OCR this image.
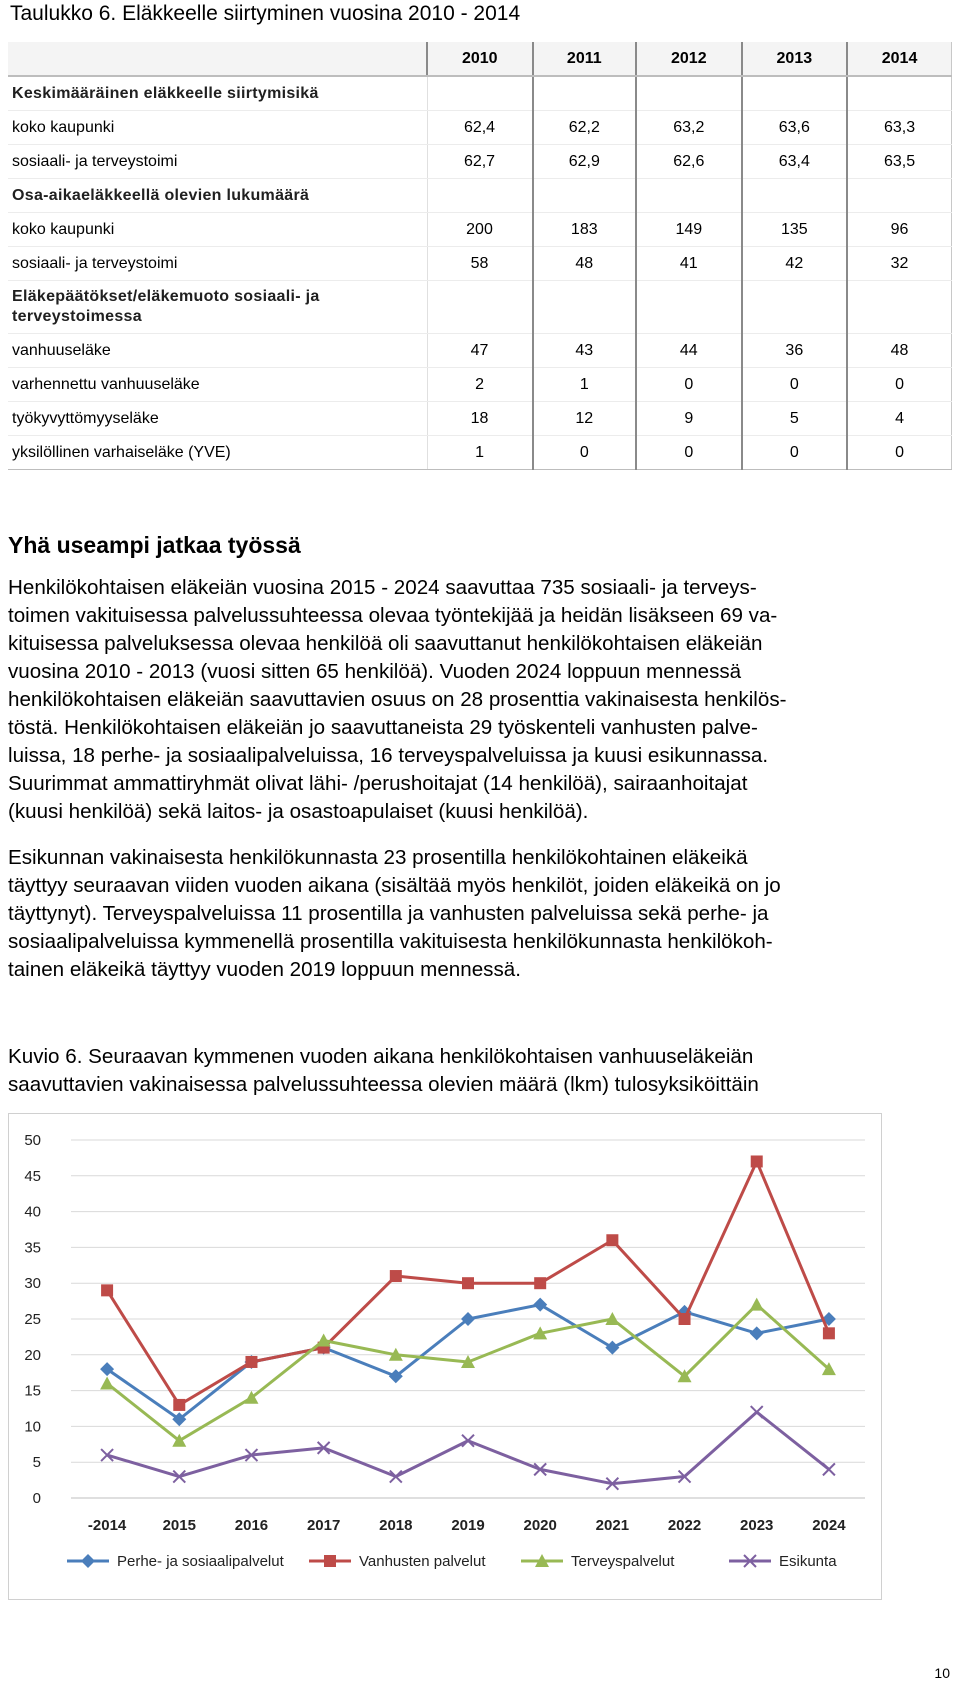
Taulukko 6. Eläkkeelle siirtyminen vuosina 2010 - 2014
	2010	2011	2012	2013	2014
Keskimääräinen eläkkeelle siirtymisikä					
koko kaupunki	62,4	62,2	63,2	63,6	63,3
sosiaali- ja terveystoimi	62,7	62,9	62,6	63,4	63,5
Osa-aikaeläkkeellä olevien lukumäärä					
koko kaupunki	200	183	149	135	96
sosiaali- ja terveystoimi	58	48	41	42	32
Eläkepäätökset/eläkemuoto sosiaali- ja terveystoimessa					
vanhuuseläke	47	43	44	36	48
varhennettu vanhuuseläke	2	1	0	0	0
työkyvyttömyyseläke	18	12	9	5	4
yksilöllinen varhaiseläke (YVE)	1	0	0	0	0
Yhä useampi jatkaa työssä

Henkilökohtaisen eläkeiän vuosina 2015 - 2024 saavuttaa 735 sosiaali- ja terveys-
toimen vakituisessa palvelussuhteessa olevaa työntekijää ja heidän lisäkseen 69 va-
kituisessa palveluksessa olevaa henkilöä oli saavuttanut henkilökohtaisen eläkeiän
vuosina 2010 - 2013 (vuosi sitten 65 henkilöä). Vuoden 2024 loppuun mennessä
henkilökohtaisen eläkeiän saavuttavien osuus on 28 prosenttia vakinaisesta henkilös-
töstä. Henkilökohtaisen eläkeiän jo saavuttaneista 29 työskenteli vanhusten palve-
luissa, 18 perhe- ja sosiaalipalveluissa, 16 terveyspalveluissa ja kuusi esikunnassa.
Suurimmat ammattiryhmät olivat lähi- /perushoitajat (14 henkilöä), sairaanhoitajat
(kuusi henkilöä) sekä laitos- ja osastoapulaiset (kuusi henkilöä).

Esikunnan vakinaisesta henkilökunnasta 23 prosentilla henkilökohtainen eläkeikä
täyttyy seuraavan viiden vuoden aikana (sisältää myös henkilöt, joiden eläkeikä on jo
täyttynyt). Terveyspalveluissa 11 prosentilla ja vanhusten palveluissa sekä perhe- ja
sosiaalipalveluissa kymmenellä prosentilla vakituisesta henkilökunnasta henkilökoh-
tainen eläkeikä täyttyy vuoden 2019 loppuun mennessä.

Kuvio 6. Seuraavan kymmenen vuoden aikana henkilökohtaisen vanhuuseläkeiän
saavuttavien vakinaisessa palvelussuhteessa olevien määrä (lkm) tulosyksiköittäin

0
5
10
15
20
25
30
35
40
45
50
-2014 2015	2016	2017	2018	2019	2020	2021	2022	2023	2024
Perhe- ja sosiaalipalvelut	Vanhusten palvelut	Terveyspalvelut	Esikunta
10
